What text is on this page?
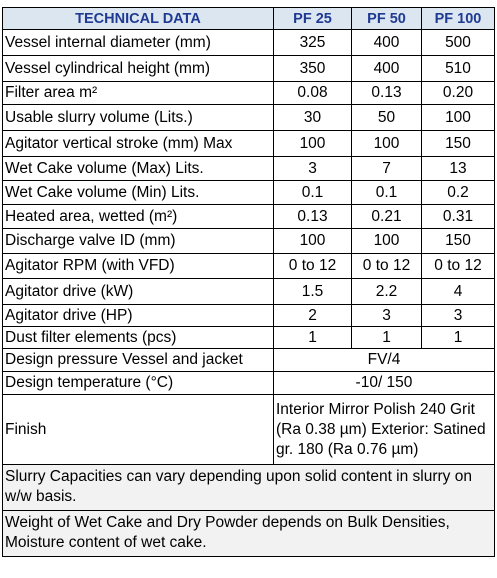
TECHNICAL DATA	PF 25	PF 50	PF 100
Vessel internal diameter (mm)	325	400	500
Vessel cylindrical height (mm)	350	400	510
Filter area m²	0.08	0.13	0.20
Usable slurry volume (Lits.)	30	50	100
Agitator vertical stroke (mm) Max	100	100	150
Wet Cake volume (Max) Lits.	3	7	13
Wet Cake volume (Min) Lits.	0.1	0.1	0.2
Heated area, wetted (m²)	0.13	0.21	0.31
Discharge valve ID (mm)	100	100	150
Agitator RPM (with VFD)	0 to 12	0 to 12	0 to 12
Agitator drive (kW)	1.5	2.2	4
Agitator drive (HP)	2	3	3
Dust filter elements (pcs)	1	1	1
Design pressure Vessel and jacket	FV/4		
Design temperature (°C)	-10/ 150		
Finish	Interior Mirror Polish 240 Grit (Ra 0.38 µm) Exterior: Satined gr. 180 (Ra 0.76 µm)		
Slurry Capacities can vary depending upon solid content in slurry on w/w basis.			
Weight of Wet Cake and Dry Powder depends on Bulk Densities, Moisture content of wet cake.			
